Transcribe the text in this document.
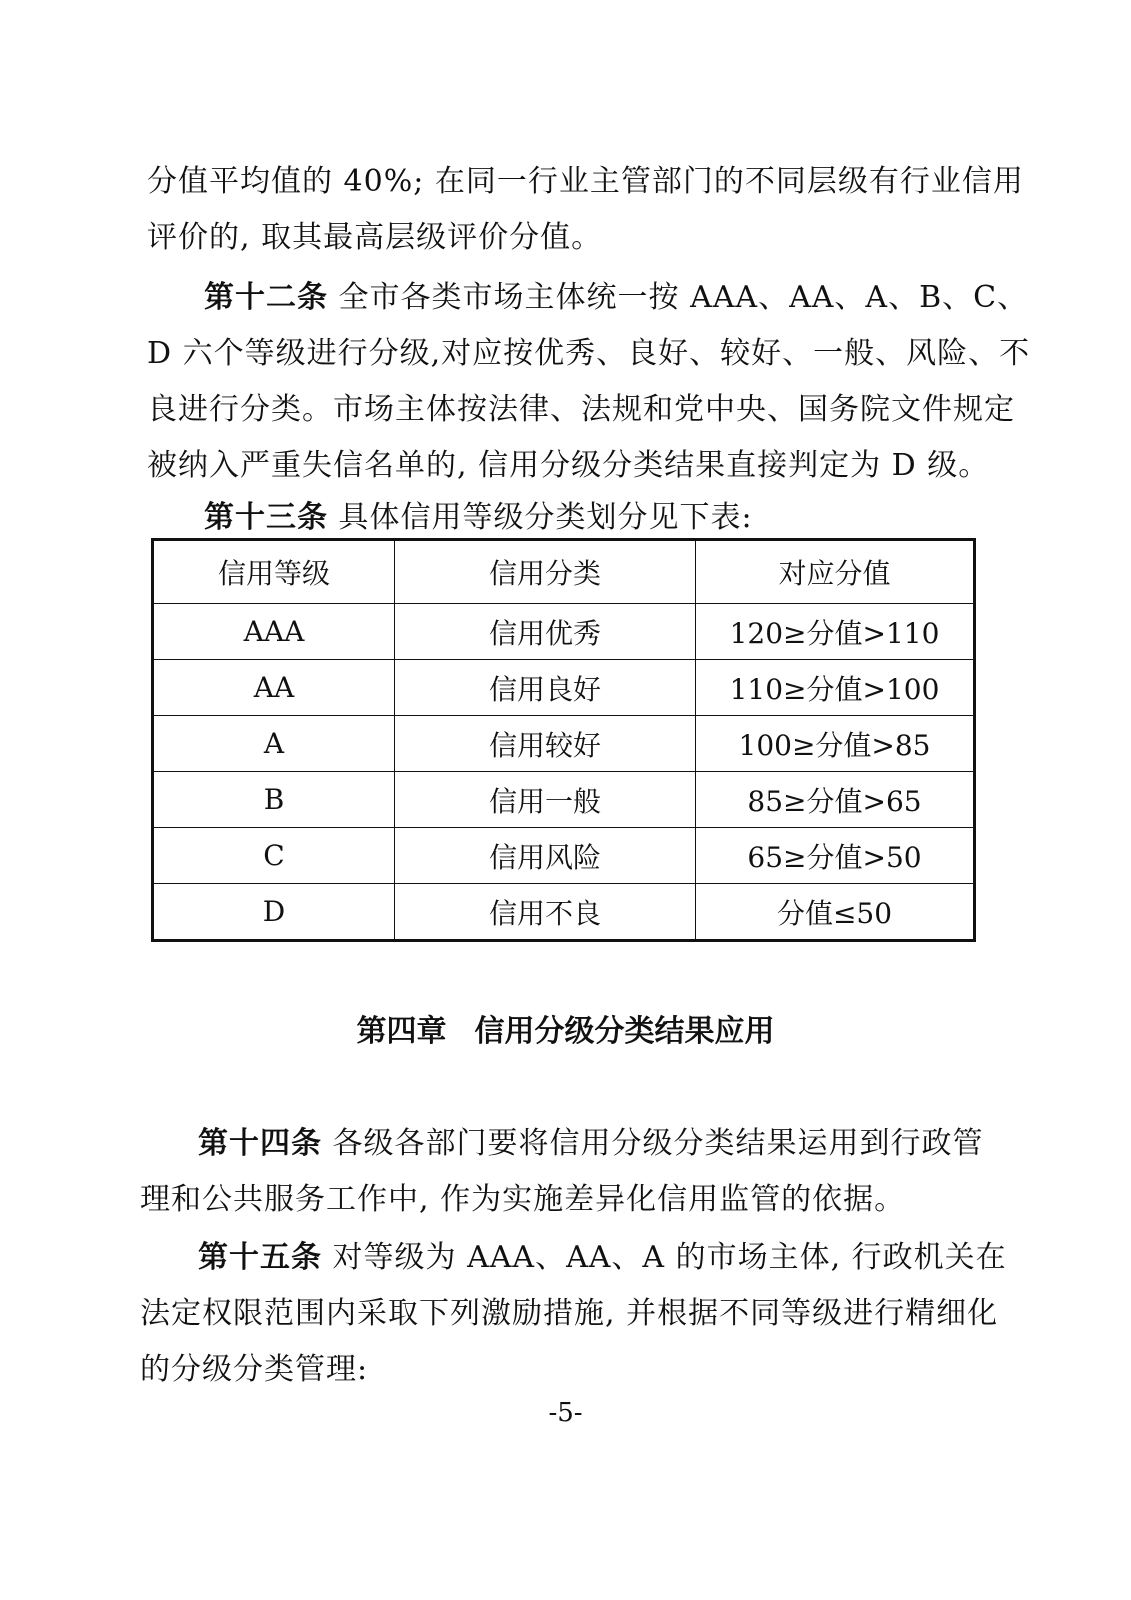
分值平均值的 40%; 在同一行业主管部门的不同层级有行业信用
评价的, 取其最高层级评价分值。
第十二条 全市各类市场主体统一按 AAA、AA、A、B、C、
D 六个等级进行分级,对应按优秀、良好、较好、一般、风险、不
良进行分类。市场主体按法律、法规和党中央、国务院文件规定
被纳入严重失信名单的, 信用分级分类结果直接判定为 D 级。
第十三条 具体信用等级分类划分见下表:
信用等级	信用分类	对应分值
AAA	信用优秀	120≥分值>110
AA	信用良好	110≥分值>100
A	信用较好	100≥分值>85
B	信用一般	85≥分值>65
C	信用风险	65≥分值>50
D	信用不良	分值≤50
第四章 信用分级分类结果应用
第十四条 各级各部门要将信用分级分类结果运用到行政管
理和公共服务工作中, 作为实施差异化信用监管的依据。
第十五条 对等级为 AAA、AA、A 的市场主体, 行政机关在
法定权限范围内采取下列激励措施, 并根据不同等级进行精细化
的分级分类管理:
-5-
